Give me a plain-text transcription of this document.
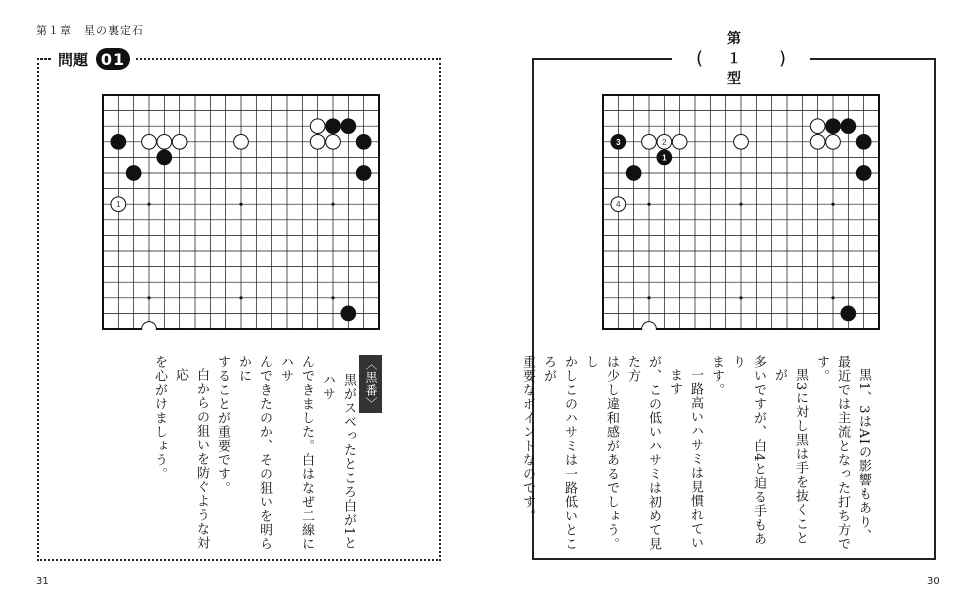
第１章　星の裏定石
問題 01
1
〈黒番〉
黒がスベったところ白が1とハサ
んできました。白はなぜ二線にハサ
んできたのか、その狙いを明らかに
することが重要です。
白からの狙いを防ぐような対応
を心がけましょう。
31
(
第１型
)
3
1
2
4
黒1、3はAIの影響もあり、
最近では主流となった打ち方です。
黒3に対し黒は手を抜くことが
多いですが、白4と迫る手もあり
ます。
一路高いハサミは見慣れています
が、この低いハサミは初めて見た方
は少し違和感があるでしょう。し
かしこのハサミは一路低いところが
重要なポイントなのです。
30
